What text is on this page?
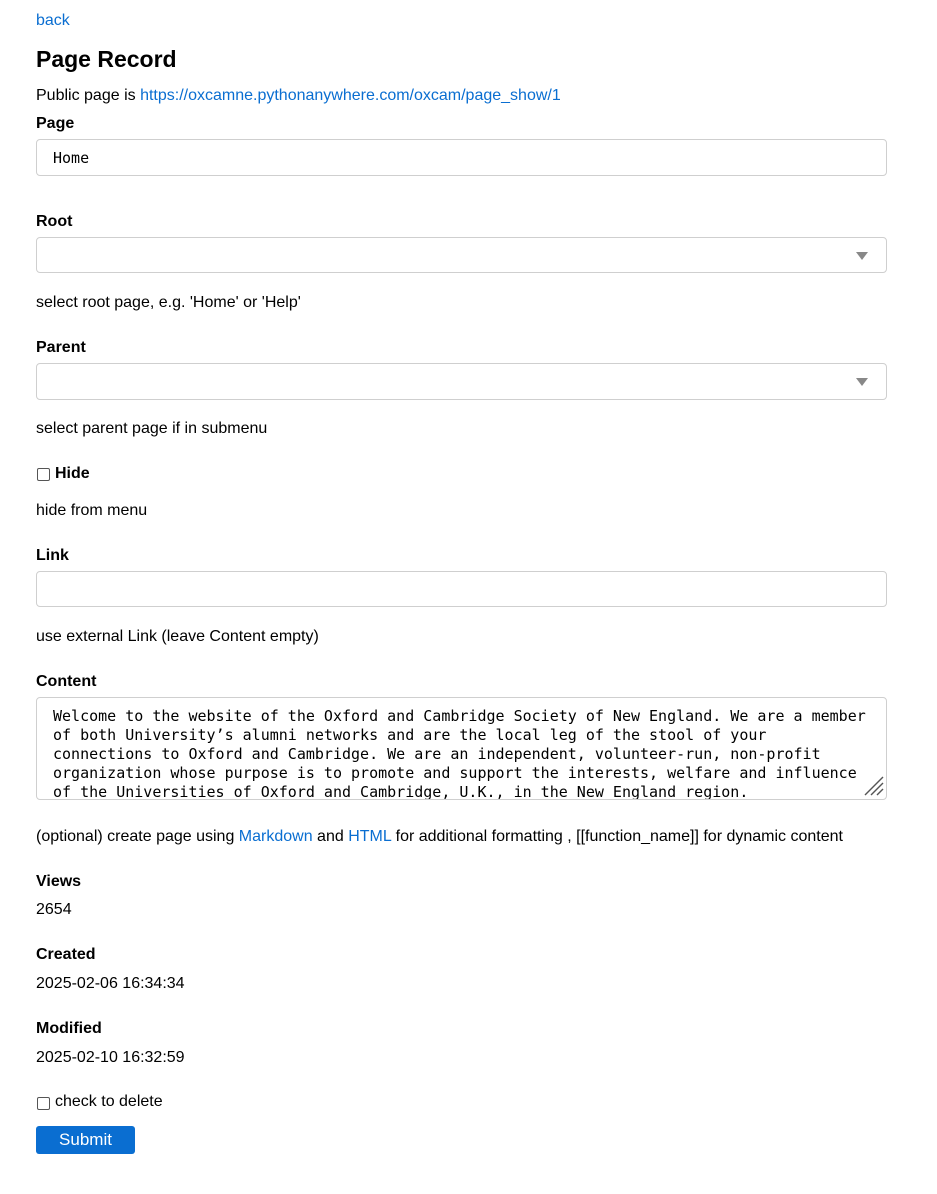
back
Page Record
Public page is https://oxcamne.pythonanywhere.com/oxcam/page_show/1
Page
Home
Root
select root page, e.g. 'Home' or 'Help'
Parent
select parent page if in submenu
Hide
hide from menu
Link
use external Link (leave Content empty)
Content
Welcome to the website of the Oxford and Cambridge Society of New England. We are a member of both University’s alumni networks and are the local leg of the stool of your connections to Oxford and Cambridge. We are an independent, volunteer-run, non-profit organization whose purpose is to promote and support the interests, welfare and influence of the Universities of Oxford and Cambridge, U.K., in the New England region.
(optional) create page using Markdown and HTML for additional formatting , [[function_name]] for dynamic content
Views
2654
Created
2025-02-06 16:34:34
Modified
2025-02-10 16:32:59
check to delete
Submit
